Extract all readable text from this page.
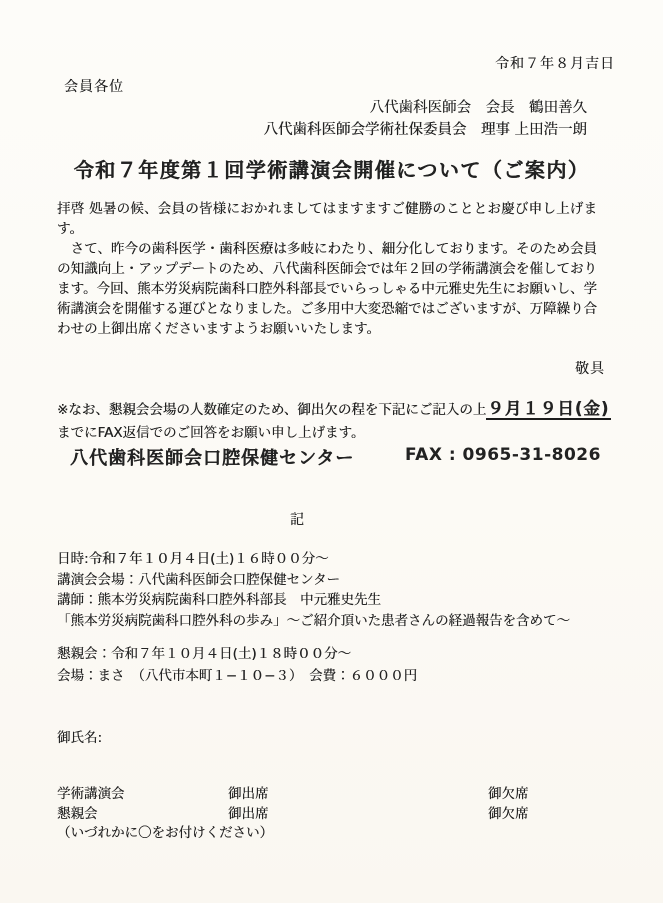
令和７年８月吉日
会員各位
八代歯科医師会　会長　鶴田善久
八代歯科医師会学術社保委員会　理事 上田浩一朗
令和７年度第１回学術講演会開催について（ご案内）

拝啓 処暑の候、会員の皆様におかれましてはますますご健勝のこととお慶び申し上げます。

　さて、昨今の歯科医学・歯科医療は多岐にわたり、細分化しております。そのため会員の知識向上・アップデートのため、八代歯科医師会では年２回の学術講演会を催しております。今回、熊本労災病院歯科口腔外科部長でいらっしゃる中元雅史先生にお願いし、学術講演会を開催する運びとなりました。ご多用中大変恐縮ではございますが、万障繰り合わせの上御出席くださいますようお願いいたします。

敬具
※なお、懇親会会場の人数確定のため、御出欠の程を下記にご記入の上９月１９日(金)
までにFAX返信でのご回答をお願い申し上げます。
八代歯科医師会口腔保健センター	FAX : 0965-31-8026
記
日時:令和７年１０月４日(土)１６時００分～
講演会会場：八代歯科医師会口腔保健センター
講師：熊本労災病院歯科口腔外科部長　中元雅史先生
「熊本労災病院歯科口腔外科の歩み」～ご紹介頂いた患者さんの経過報告を含めて～
懇親会：令和７年１０月４日(土)１８時００分～
会場：まさ　（八代市本町１−１０−３）　会費：６０００円
御氏名:
学術講演会	御出席	御欠席
懇親会	御出席	御欠席
（いづれかに〇をお付けください）
